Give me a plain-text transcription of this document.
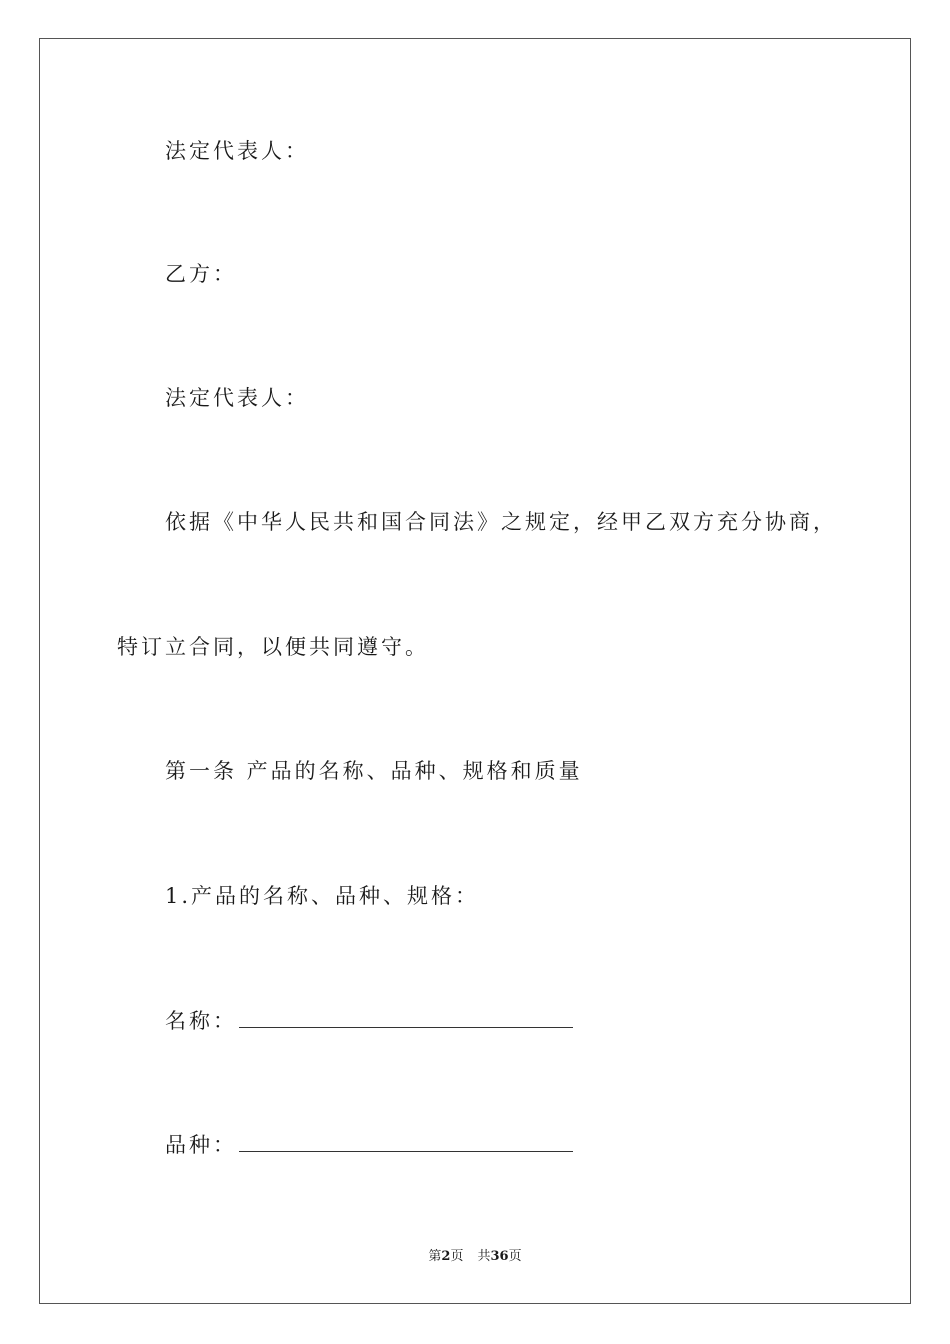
法定代表人：

乙方：

法定代表人：

依据《中华人民共和国合同法》之规定，经甲乙双方充分协商，

特订立合同，以便共同遵守。

第一条 产品的名称、品种、规格和质量

1.产品的名称、品种、规格：

名称：

品种：

第2页 共36页
